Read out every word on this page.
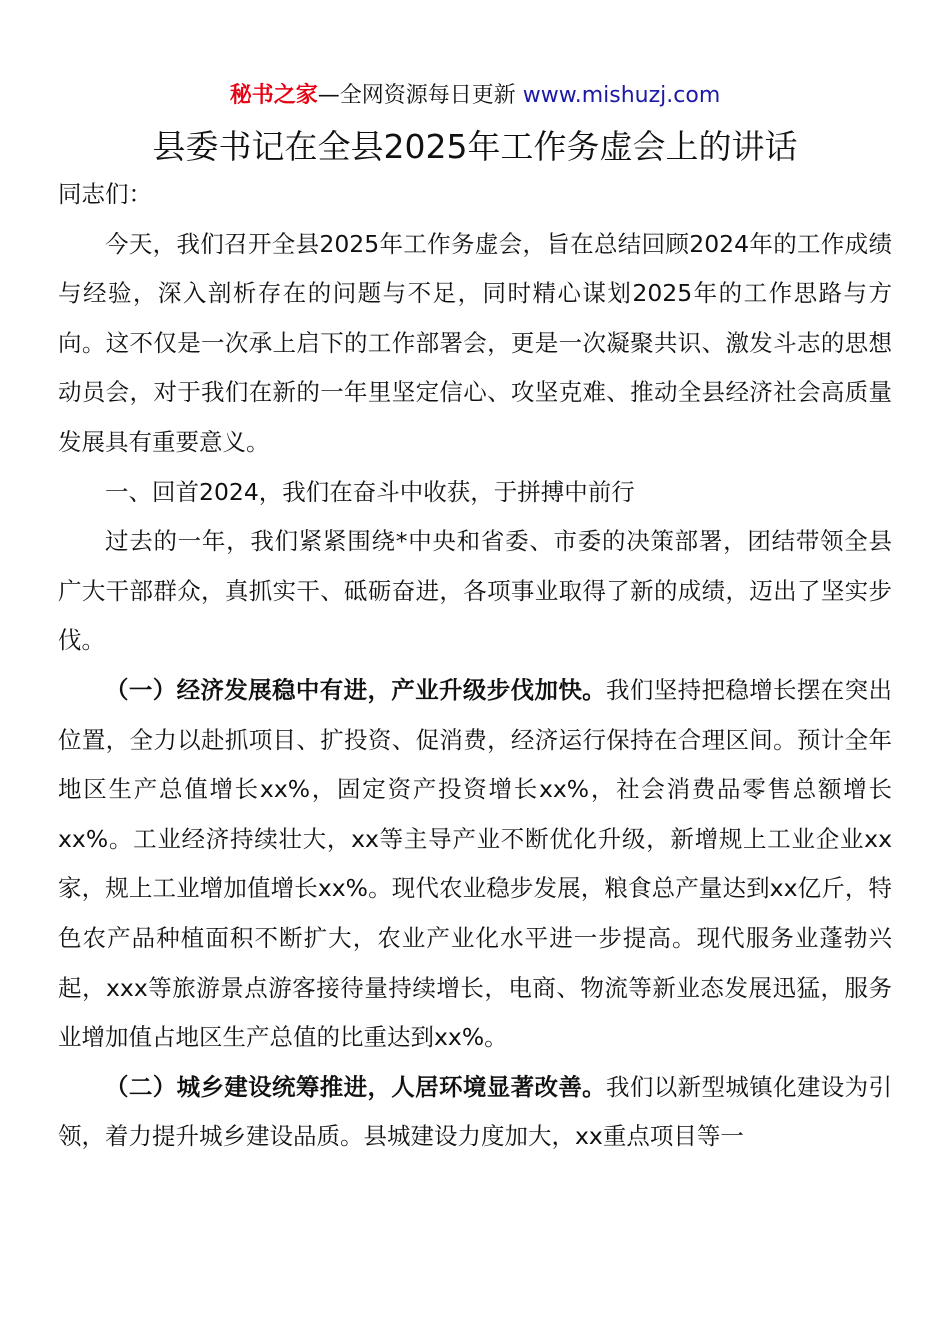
秘书之家—全网资源每日更新 www.mishuzj.com
县委书记在全县2025年工作务虚会上的讲话

同志们：

今天，我们召开全县2025年工作务虚会，旨在总结回顾2024年的工作成绩与经验，深入剖析存在的问题与不足，同时精心谋划2025年的工作思路与方向。这不仅是一次承上启下的工作部署会，更是一次凝聚共识、激发斗志的思想动员会，对于我们在新的一年里坚定信心、攻坚克难、推动全县经济社会高质量发展具有重要意义。

一、回首2024，我们在奋斗中收获，于拼搏中前行

过去的一年，我们紧紧围绕*中央和省委、市委的决策部署，团结带领全县广大干部群众，真抓实干、砥砺奋进，各项事业取得了新的成绩，迈出了坚实步伐。

（一）经济发展稳中有进，产业升级步伐加快。我们坚持把稳增长摆在突出位置，全力以赴抓项目、扩投资、促消费，经济运行保持在合理区间。预计全年地区生产总值增长xx%，固定资产投资增长xx%，社会消费品零售总额增长xx%。工业经济持续壮大，xx等主导产业不断优化升级，新增规上工业企业xx家，规上工业增加值增长xx%。现代农业稳步发展，粮食总产量达到xx亿斤，特色农产品种植面积不断扩大，农业产业化水平进一步提高。现代服务业蓬勃兴起，xxx等旅游景点游客接待量持续增长，电商、物流等新业态发展迅猛，服务业增加值占地区生产总值的比重达到xx%。

（二）城乡建设统筹推进，人居环境显著改善。我们以新型城镇化建设为引领，着力提升城乡建设品质。县城建设力度加大，xx重点项目等一
